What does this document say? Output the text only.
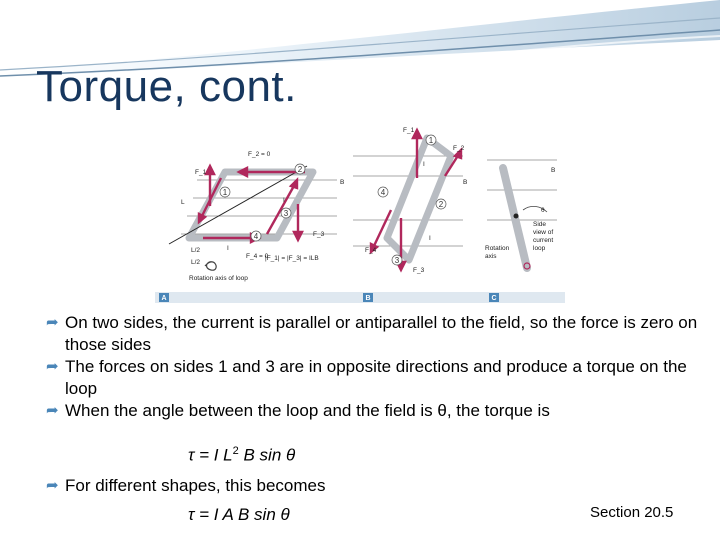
Torque, cont.
2
1
3
4
F_2 = 0
F_1
F_3
F_4 = 0
B
L
L/2
L/2
I
I
|F_1| = |F_3| = ILB
Rotation axis of loop
1
2
3
4
F_1
F_3
F_4
F_2
B
I
I
B
θ
Side
view of
current
loop
Rotation
axis
A	B	C
➦ On two sides, the current is parallel or antiparallel to the field, so the force is zero on those sides
➦ The forces on sides 1 and 3 are in opposite directions and produce a torque on the loop
➦ When the angle between the loop and the field is θ, the torque is
τ = I $L^2$ B sin θ
➦ For different shapes, this becomes
τ = I A B sin θ	Section 20.5
